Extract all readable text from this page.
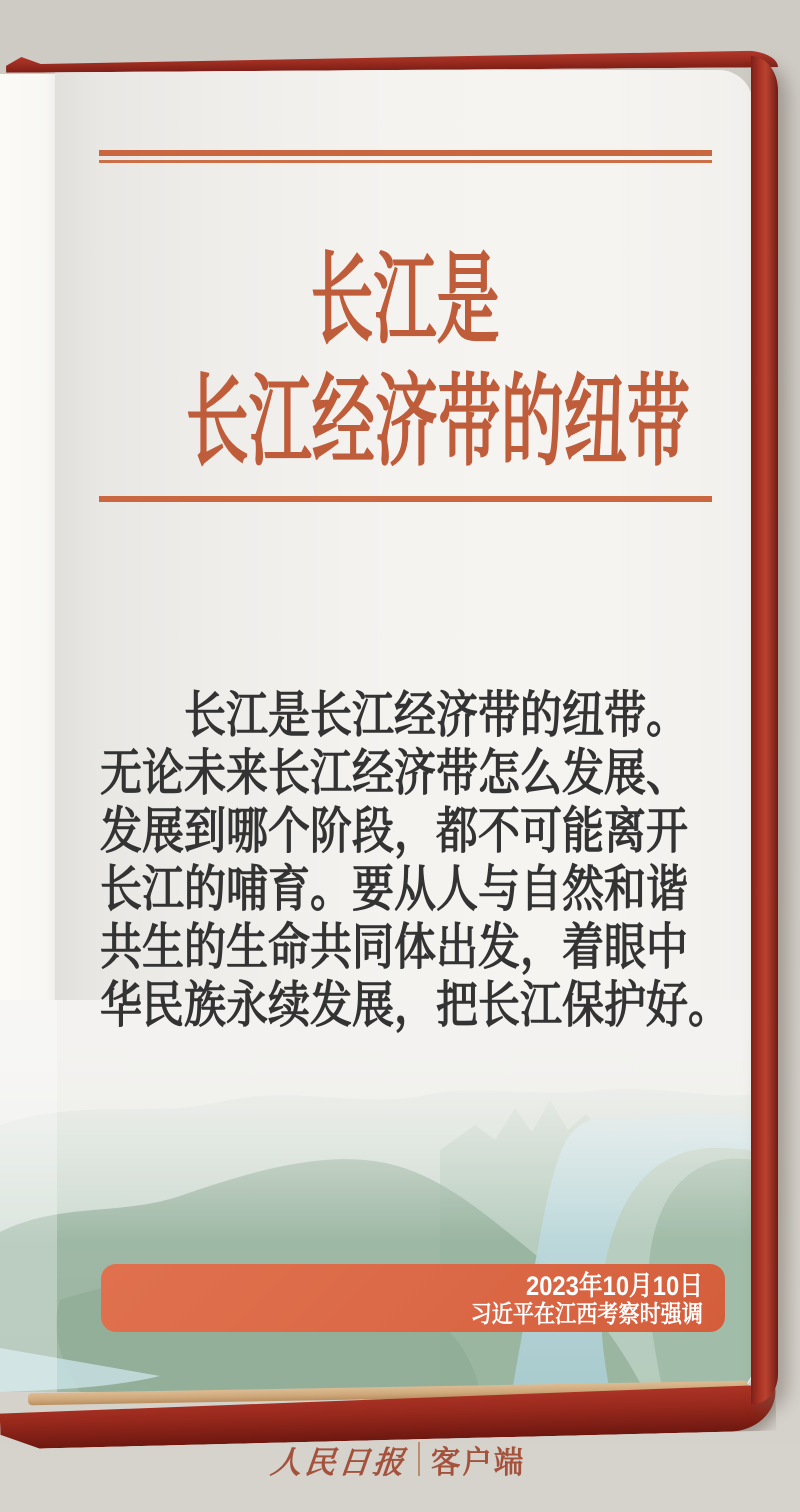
长江是
长江经济带的纽带
　　长江是长江经济带的纽带。
无论未来长江经济带怎么发展、
发展到哪个阶段，都不可能离开
长江的哺育。要从人与自然和谐
共生的生命共同体出发，着眼中
华民族永续发展，把长江保护好。
2023年10月10日
习近平在江西考察时强调
人民日报 客户端
